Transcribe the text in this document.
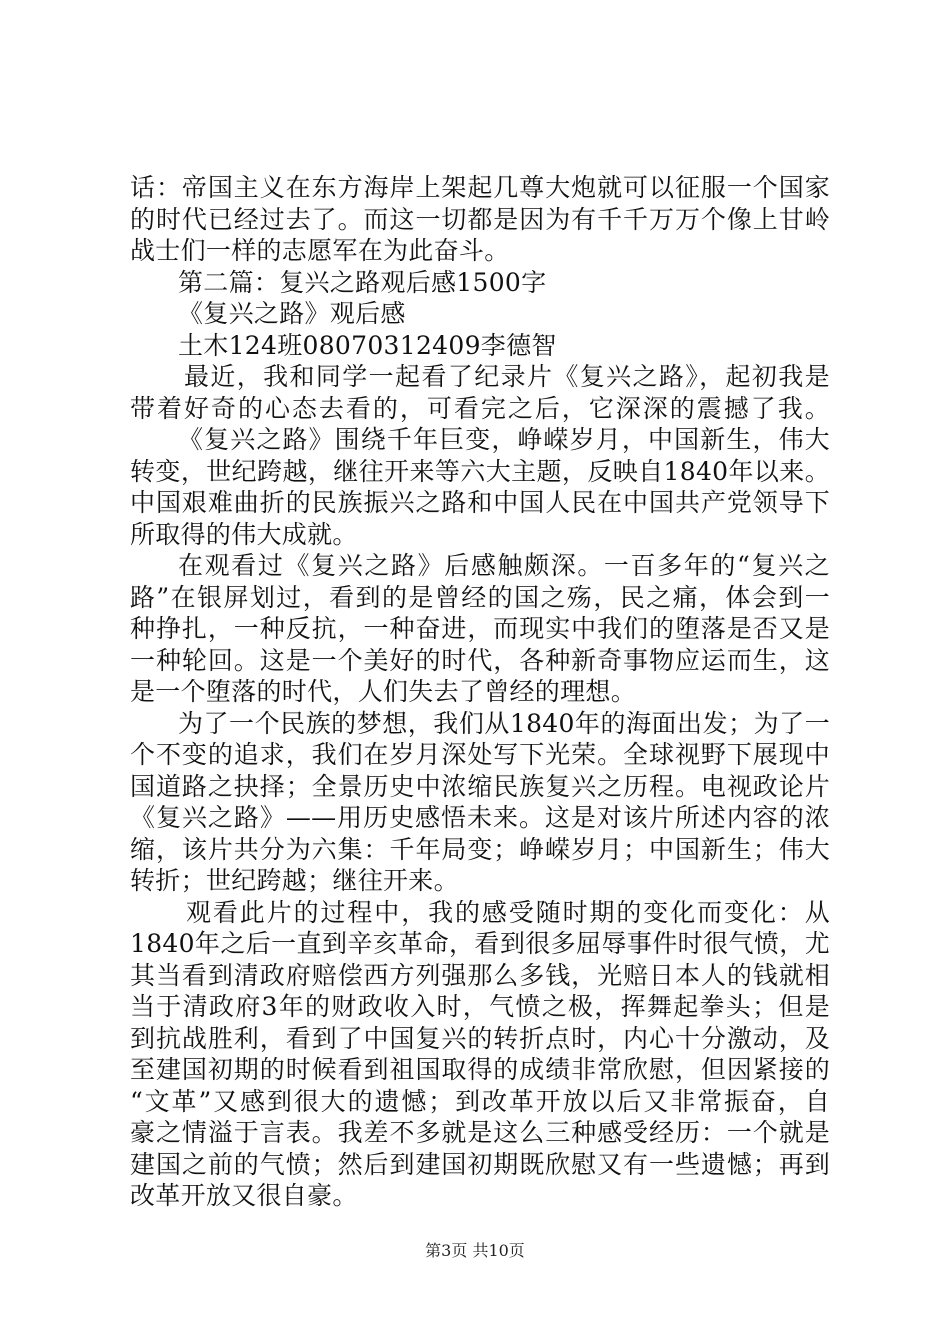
话：帝国主义在东方海岸上架起几尊大炮就可以征服一个国家
的时代已经过去了。而这一切都是因为有千千万万个像上甘岭
战士们一样的志愿军在为此奋斗。
第二篇：复兴之路观后感1500字
《复兴之路》观后感
土木124班08070312409李德智
最近，我和同学一起看了纪录片《复兴之路》，起初我是
带着好奇的心态去看的，可看完之后，它深深的震撼了我。
《复兴之路》围绕千年巨变，峥嵘岁月，中国新生，伟大
转变，世纪跨越，继往开来等六大主题，反映自1840年以来。
中国艰难曲折的民族振兴之路和中国人民在中国共产党领导下
所取得的伟大成就。
在观看过《复兴之路》后感触颇深。一百多年的“复兴之
路”在银屏划过，看到的是曾经的国之殇，民之痛，体会到一
种挣扎，一种反抗，一种奋进，而现实中我们的堕落是否又是
一种轮回。这是一个美好的时代，各种新奇事物应运而生，这
是一个堕落的时代，人们失去了曾经的理想。
为了一个民族的梦想，我们从1840年的海面出发；为了一
个不变的追求，我们在岁月深处写下光荣。全球视野下展现中
国道路之抉择；全景历史中浓缩民族复兴之历程。电视政论片
《复兴之路》——用历史感悟未来。这是对该片所述内容的浓
缩，该片共分为六集：千年局变；峥嵘岁月；中国新生；伟大
转折；世纪跨越；继往开来。
观看此片的过程中，我的感受随时期的变化而变化：从
1840年之后一直到辛亥革命，看到很多屈辱事件时很气愤，尤
其当看到清政府赔偿西方列强那么多钱，光赔日本人的钱就相
当于清政府3年的财政收入时，气愤之极，挥舞起拳头；但是
到抗战胜利，看到了中国复兴的转折点时，内心十分激动，及
至建国初期的时候看到祖国取得的成绩非常欣慰，但因紧接的
“文革”又感到很大的遗憾；到改革开放以后又非常振奋，自
豪之情溢于言表。我差不多就是这么三种感受经历：一个就是
建国之前的气愤；然后到建国初期既欣慰又有一些遗憾；再到
改革开放又很自豪。
第3页 共10页
